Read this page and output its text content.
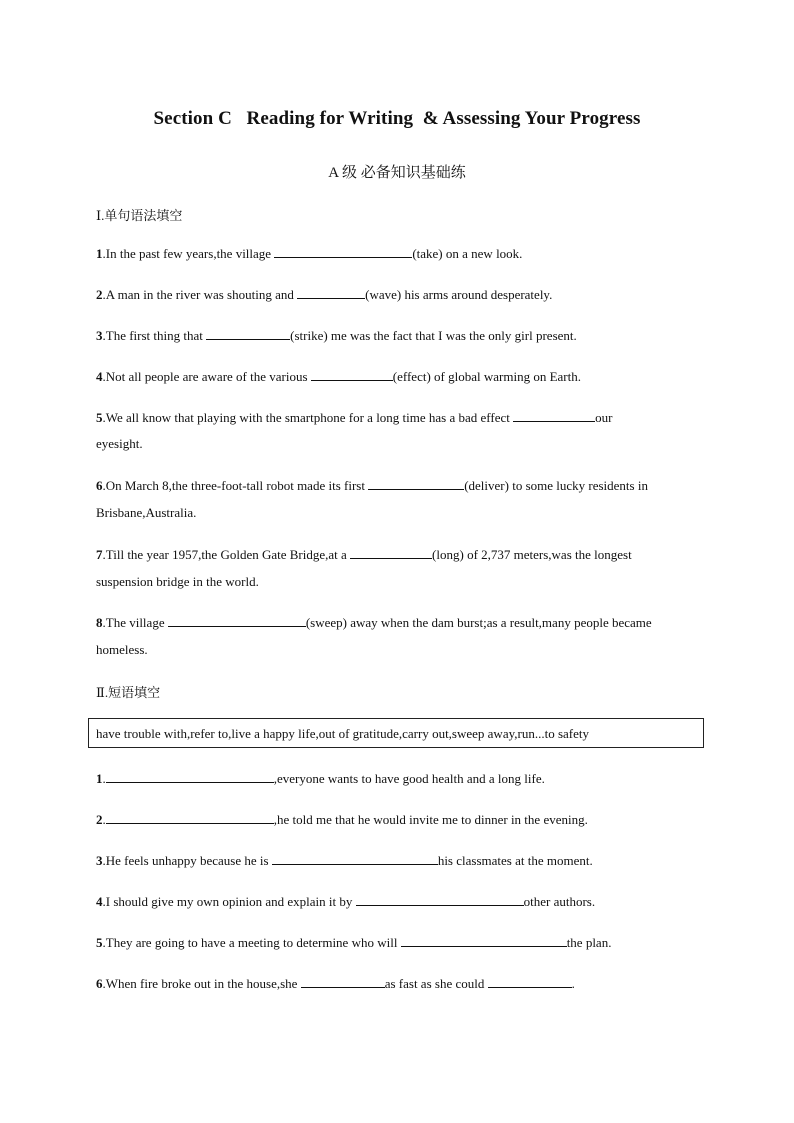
Section C   Reading for Writing  & Assessing Your Progress
A 级 必备知识基础练
Ⅰ.单句语法填空
1.In the past few years,the village	(take) on a new look.
2.A man in the river was shouting and	(wave) his arms around desperately.
3.The first thing that	(strike) me was the fact that I was the only girl present.
4.Not all people are aware of the various	(effect) of global warming on Earth.
5.We all know that playing with the smartphone for a long time has a bad effect	our
eyesight.
6.On March 8,the three-foot-tall robot made its first	(deliver) to some lucky residents in
Brisbane,Australia.
7.Till the year 1957,the Golden Gate Bridge,at a	(long) of 2,737 meters,was the longest
suspension bridge in the world.
8.The village	(sweep) away when the dam burst;as a result,many people became
homeless.
Ⅱ.短语填空
have trouble with,refer to,live a happy life,out of gratitude,carry out,sweep away,run...to safety
1.	,everyone wants to have good health and a long life.
2.	,he told me that he would invite me to dinner in the evening.
3.He feels unhappy because he is	his classmates at the moment.
4.I should give my own opinion and explain it by	other authors.
5.They are going to have a meeting to determine who will	the plan.
6.When fire broke out in the house,she	as fast as she could	.
